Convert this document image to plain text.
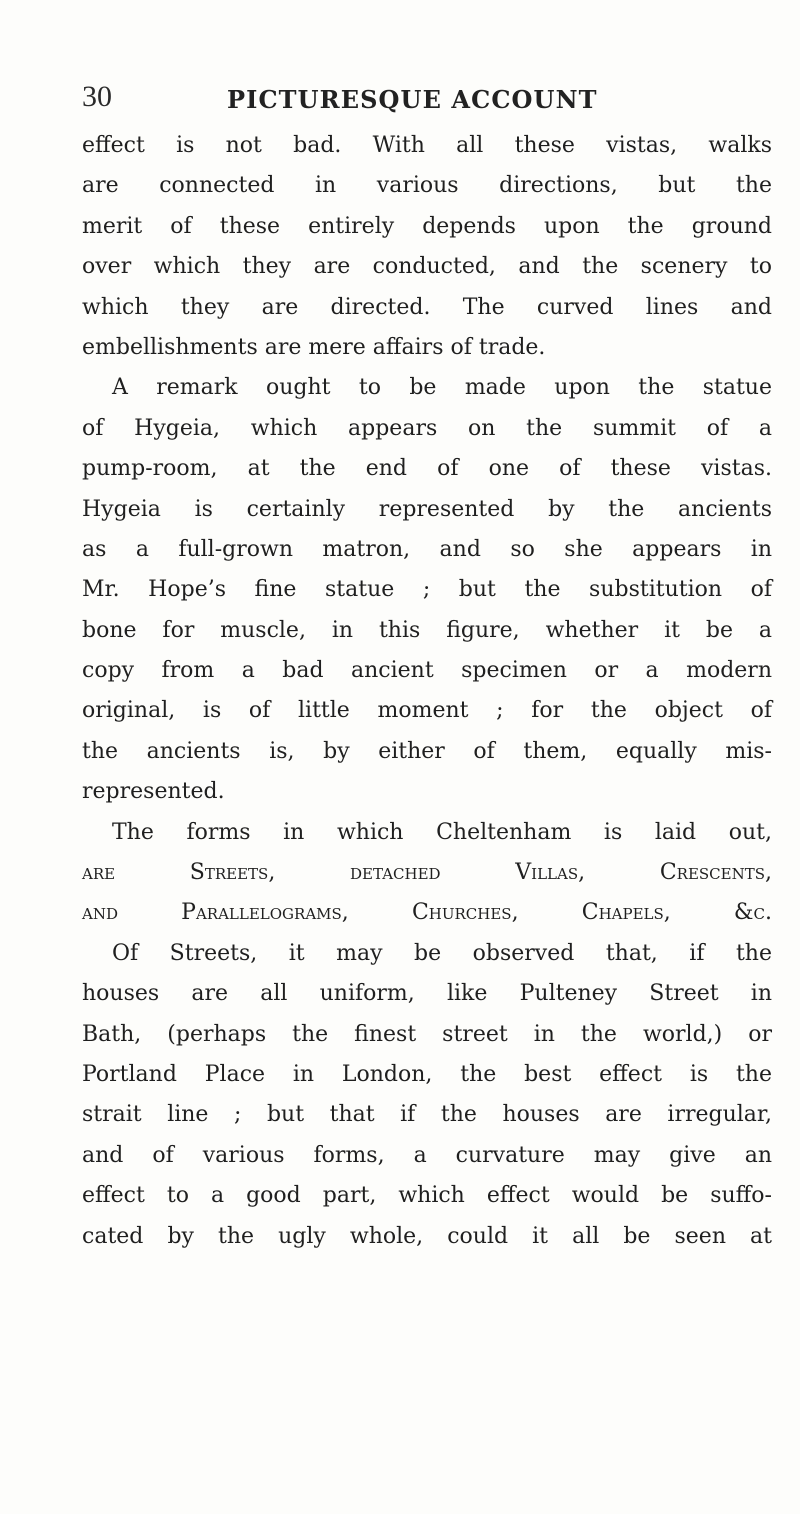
30	PICTURESQUE ACCOUNT
effect is not bad. With all these vistas, walks
are connected in various directions, but the
merit of these entirely depends upon the ground
over which they are conducted, and the scenery to
which they are directed. The curved lines and
embellishments are mere affairs of trade.
A remark ought to be made upon the statue
of Hygeia, which appears on the summit of a
pump-room, at the end of one of these vistas.
Hygeia is certainly represented by the ancients
as a full-grown matron, and so she appears in
Mr. Hope’s fine statue ; but the substitution of
bone for muscle, in this figure, whether it be a
copy from a bad ancient specimen or a modern
original, is of little moment ; for the object of
the ancients is, by either of them, equally mis-
represented.
The forms in which Cheltenham is laid out,
are Streets, detached Villas, Crescents,
and Parallelograms, Churches, Chapels, &c.
Of Streets, it may be observed that, if the
houses are all uniform, like Pulteney Street in
Bath, (perhaps the finest street in the world,) or
Portland Place in London, the best effect is the
strait line ; but that if the houses are irregular,
and of various forms, a curvature may give an
effect to a good part, which effect would be suffo-
cated by the ugly whole, could it all be seen at
